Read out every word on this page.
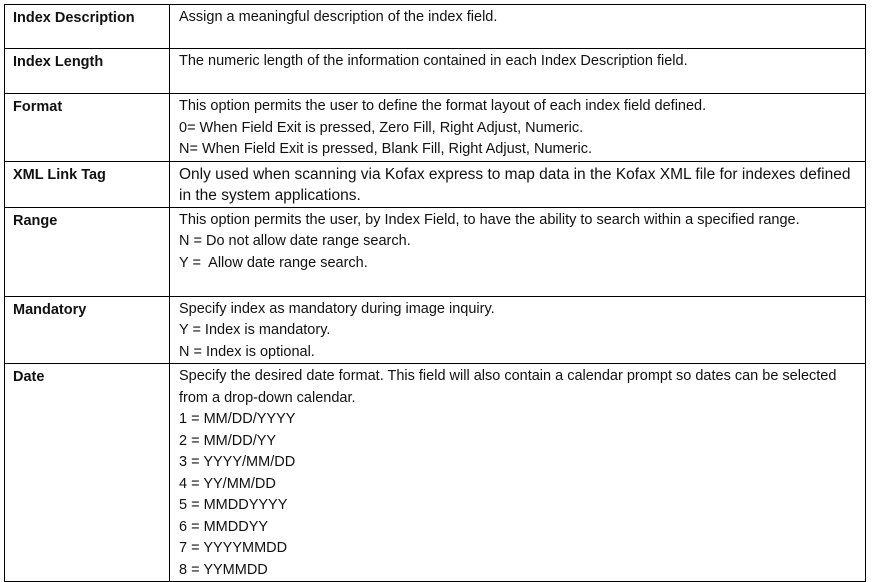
Index Description	Assign a meaningful description of the index field.

Index Length	The numeric length of the information contained in each Index Description field.

Format	This option permits the user to define the format layout of each index field defined.
0= When Field Exit is pressed, Zero Fill, Right Adjust, Numeric.
N= When Field Exit is pressed, Blank Fill, Right Adjust, Numeric.

XML Link Tag	Only used when scanning via Kofax express to map data in the Kofax XML file for indexes defined in the system applications.

Range	This option permits the user, by Index Field, to have the ability to search within a specified range.
N = Do not allow date range search.
Y =  Allow date range search.

Mandatory	Specify index as mandatory during image inquiry.
Y = Index is mandatory.
N = Index is optional.

Date	Specify the desired date format. This field will also contain a calendar prompt so dates can be selected from a drop-down calendar.
1 = MM/DD/YYYY
2 = MM/DD/YY
3 = YYYY/MM/DD
4 = YY/MM/DD
5 = MMDDYYYY
6 = MMDDYY
7 = YYYYMMDD
8 = YYMMDD
